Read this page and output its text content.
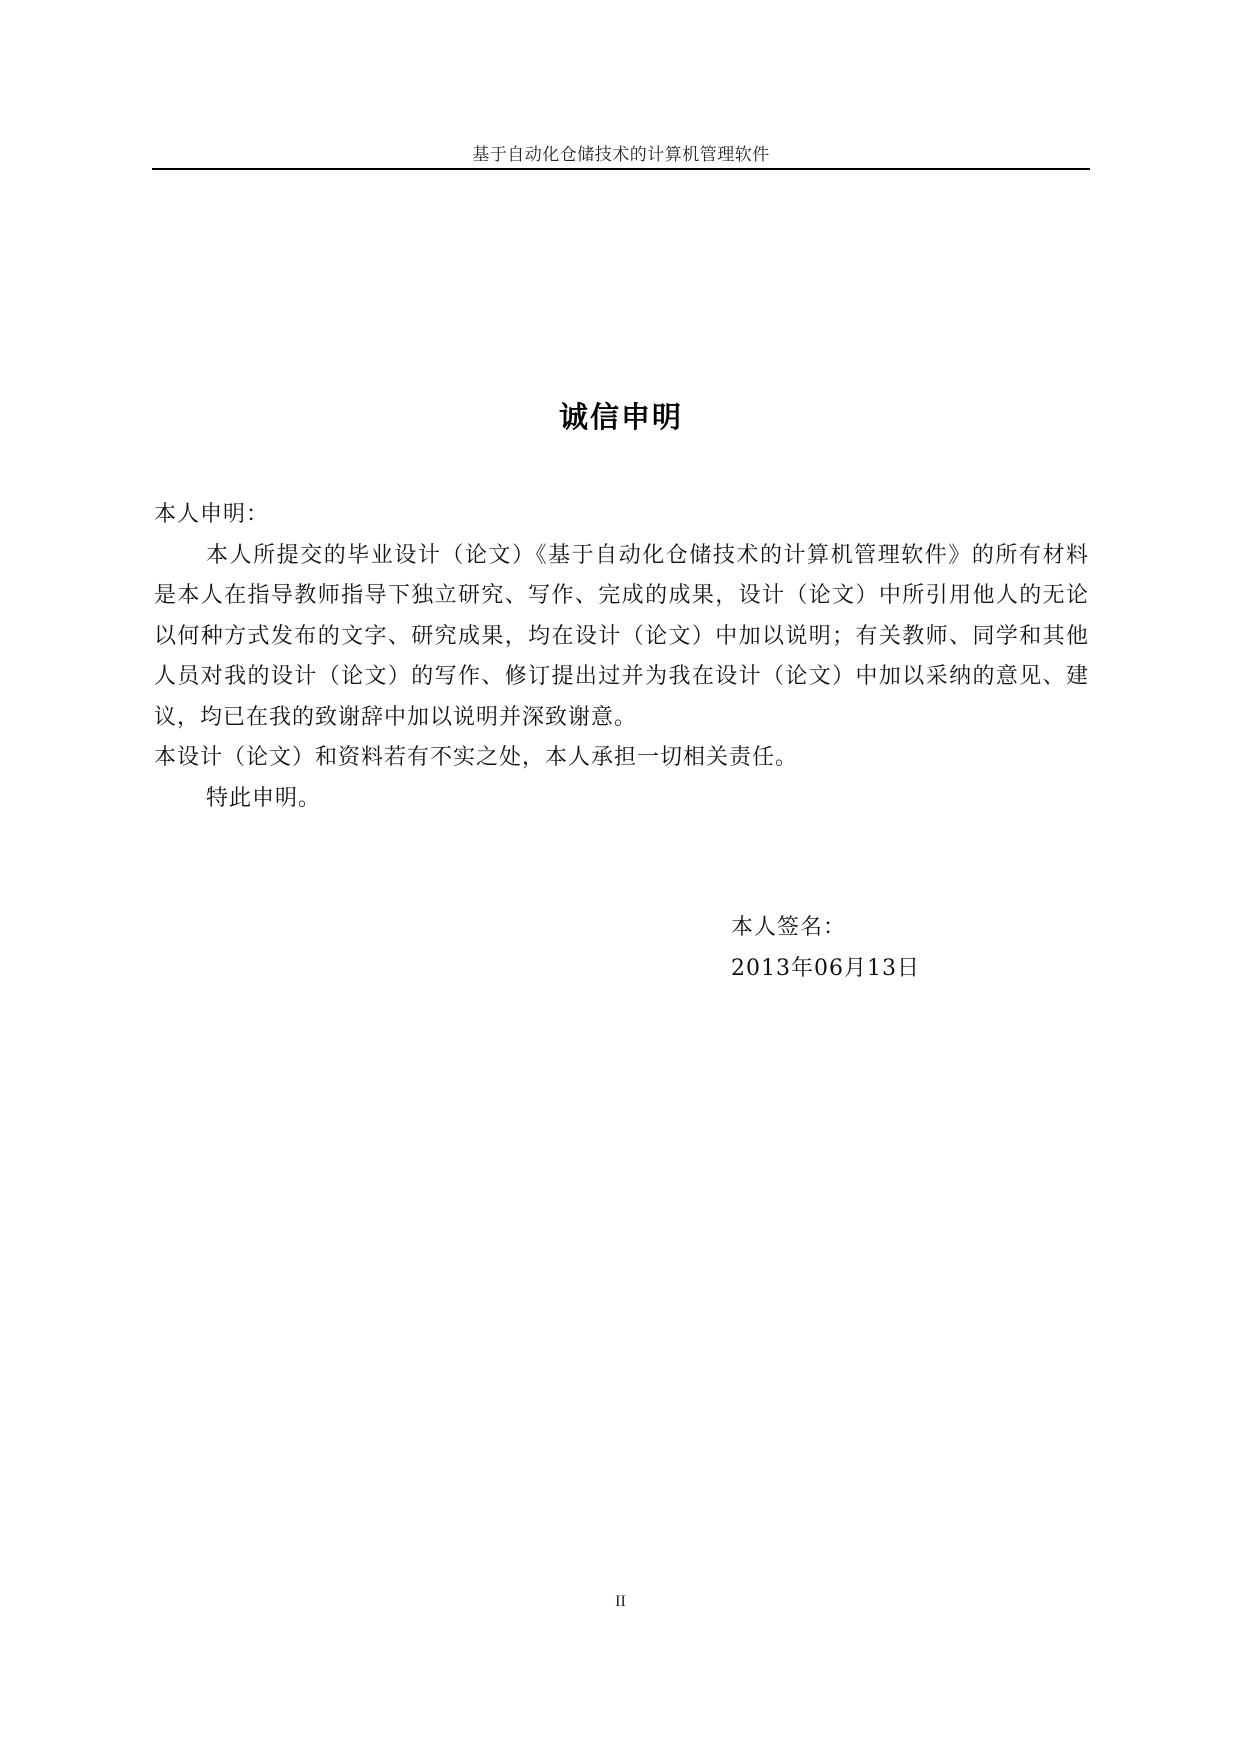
基于自动化仓储技术的计算机管理软件
诚信申明

本人申明：

本人所提交的毕业设计（论文）《基于自动化仓储技术的计算机管理软件》的所有材料是本人在指导教师指导下独立研究、写作、完成的成果，设计（论文）中所引用他人的无论以何种方式发布的文字、研究成果，均在设计（论文）中加以说明；有关教师、同学和其他人员对我的设计（论文）的写作、修订提出过并为我在设计（论文）中加以采纳的意见、建议，均已在我的致谢辞中加以说明并深致谢意。

本设计（论文）和资料若有不实之处，本人承担一切相关责任。

特此申明。

本人签名：
2013年06月13日
II
